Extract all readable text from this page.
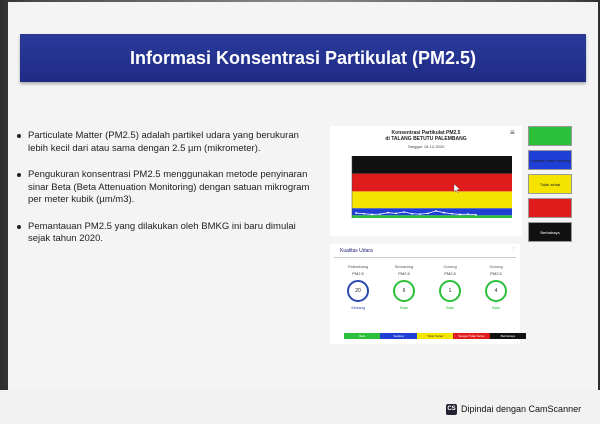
Informasi Konsentrasi Partikulat (PM2.5)
Particulate Matter (PM2.5) adalah partikel udara yang berukuran lebih kecil dari atau sama dengan 2.5 µm (mikrometer).
Pengukuran konsentrasi PM2.5 menggunakan metode penyinaran sinar Beta (Beta Attenuation Monitoring) dengan satuan mikrogram per meter kubik (µm/m3).
Pemantauan PM2.5 yang dilakukan oleh BMKG ini baru dimulai sejak tahun 2020.
Konsentrasi Partikulat PM2.5
di TALANG BETUTU PALEMBANG
Tanggal: 18-12-2020
≡
Kualitas udara sedang
Tidak sehat
Berbahaya
Kualitas Udara	⋮
Palembang
PM2.5
20
Sedang
Semarang
PM2.5
6
Baik
Gorong
PM2.5
1
Baik
Gorong
PM2.5
4
Baik
Baik	Sedang	Tidak Sehat	Sangat Tidak Sehat	Berbahaya
CS Dipindai dengan CamScanner
